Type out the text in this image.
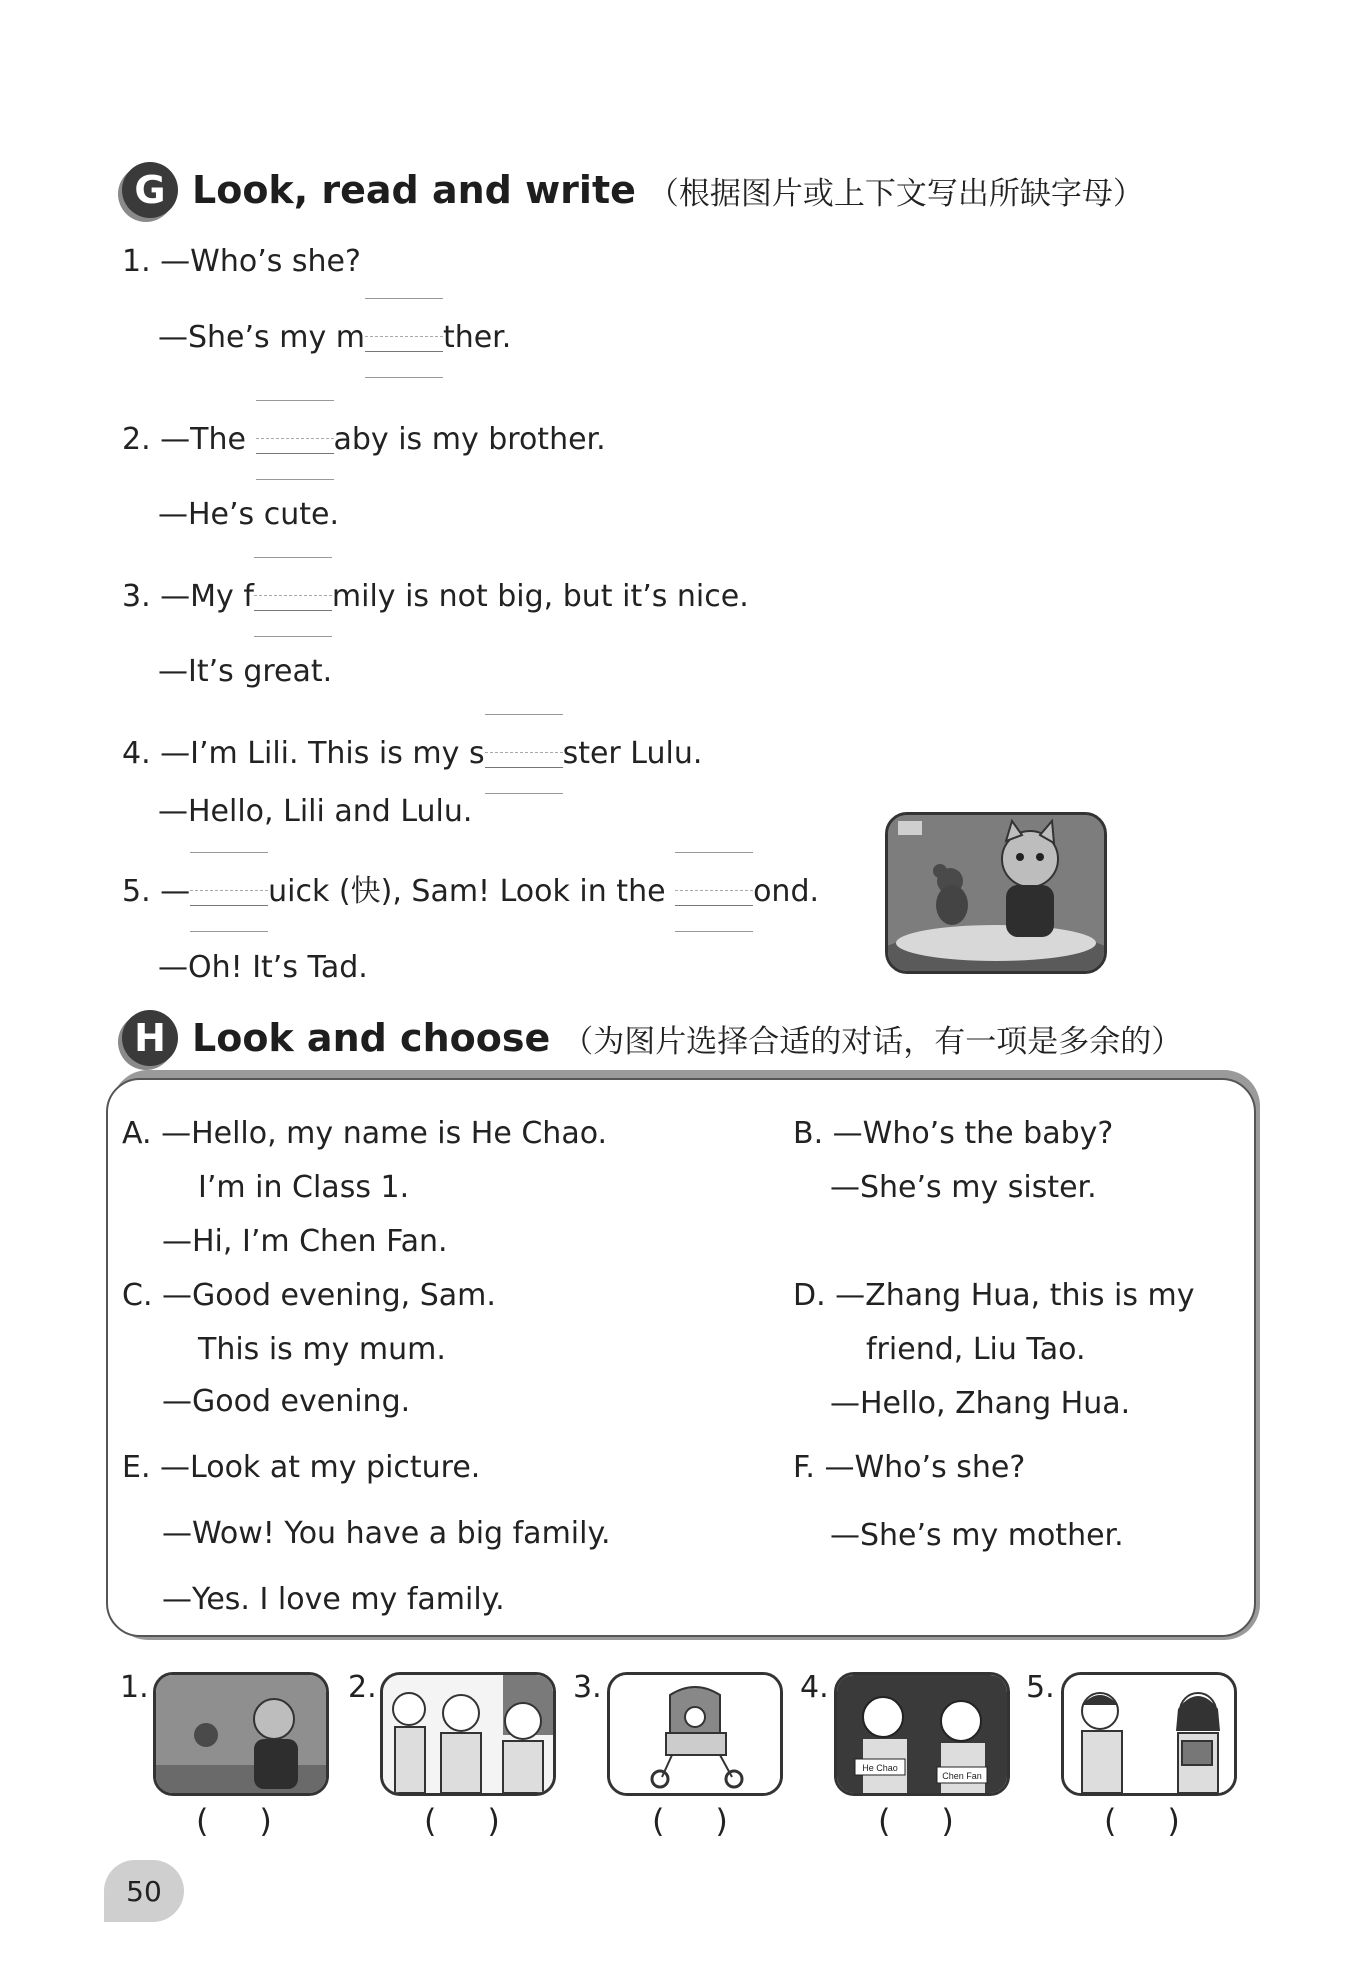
G Look, read and write （根据图片或上下文写出所缺字母）
1. —Who’s she?
—She’s my m	ther.
2. —The	aby is my brother.
—He’s cute.
3. —My f	mily is not big, but it’s nice.
—It’s great.
4. —I’m Lili. This is my s	ster Lulu.
—Hello, Lili and Lulu.
5. —	uick (快), Sam! Look in the	ond.
—Oh! It’s Tad.
H Look and choose （为图片选择合适的对话，有一项是多余的）
A. —Hello, my name is He Chao.
I’m in Class 1.
—Hi, I’m Chen Fan.
B. —Who’s the baby?
—She’s my sister.
C. —Good evening, Sam.
This is my mum.
—Good evening.
D. —Zhang Hua, this is my
friend, Liu Tao.
—Hello, Zhang Hua.
E. —Look at my picture.
—Wow! You have a big family.
—Yes. I love my family.
F. —Who’s she?
—She’s my mother.
1.
(     )
2.
(     )
3.
(     )
4.
He Chao
Chen Fan
(     )
5.
(     )
50
